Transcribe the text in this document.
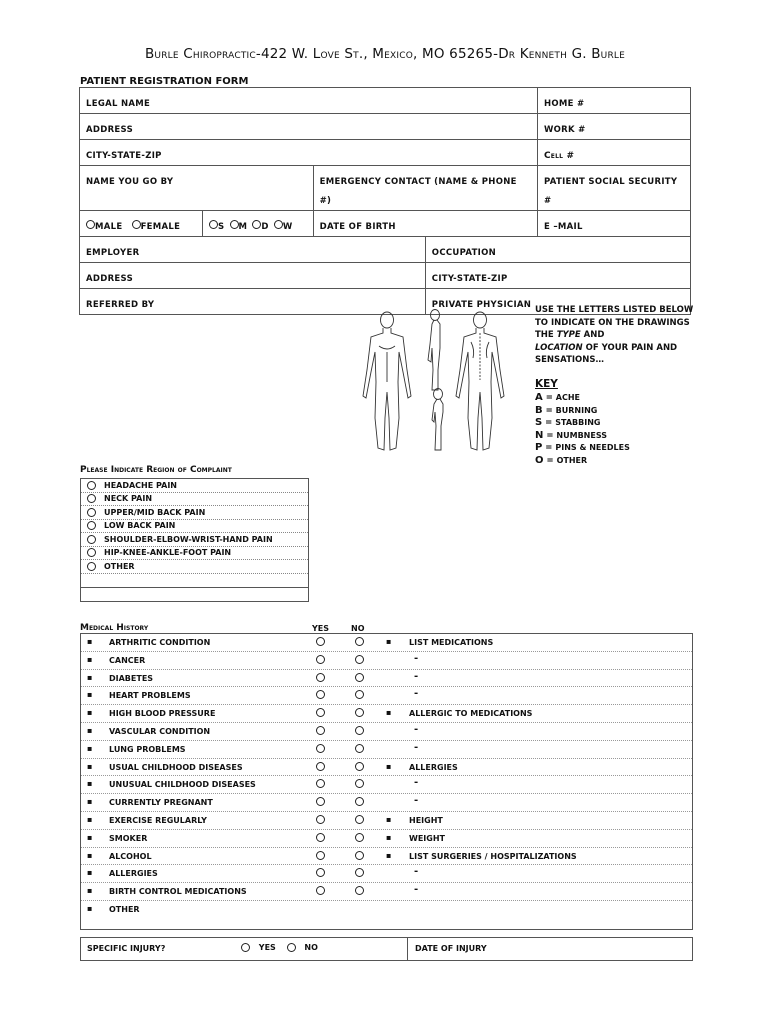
Burle Chiropractic-422 W. Love St., Mexico, MO 65265-Dr Kenneth G. Burle
PATIENT REGISTRATION FORM
LEGAL NAME				HOME #
ADDRESS				WORK #
CITY-STATE-ZIP				Cell #
NAME YOU GO BY		EMERGENCY CONTACT (NAME & PHONE #)		PATIENT SOCIAL SECURITY #
MALE FEMALE	S M D W	DATE OF BIRTH		E –MAIL
EMPLOYER			OCCUPATION	
ADDRESS			CITY-STATE-ZIP	
REFERRED BY			PRIVATE PHYSICIAN	USE THE LETTERS LISTED BELOW TO INDICATE ON THE DRAWINGS THE TYPE AND
LOCATION OF YOUR PAIN AND SENSATIONS…
KEY
A = ACHE
B = BURNING
S = STABBING
N = NUMBNESS
P = PINS & NEEDLES
O = OTHER
Please Indicate Region of Complaint
HEADACHE PAIN
NECK PAIN
UPPER/MID BACK PAIN
LOW BACK PAIN
SHOULDER-ELBOW-WRIST-HAND PAIN
HIP-KNEE-ANKLE-FOOT PAIN
OTHER
Medical History	YES	NO
▪ ARTHRITIC CONDITION	▪ LIST MEDICATIONS
▪ CANCER	-
▪ DIABETES	-
▪ HEART PROBLEMS	-
▪ HIGH BLOOD PRESSURE	▪ ALLERGIC TO MEDICATIONS
▪ VASCULAR CONDITION	-
▪ LUNG PROBLEMS	-
▪ USUAL CHILDHOOD DISEASES	▪ ALLERGIES
▪ UNUSUAL CHILDHOOD DISEASES	-
▪ CURRENTLY PREGNANT	-
▪ EXERCISE REGULARLY	▪ HEIGHT
▪ SMOKER	▪ WEIGHT
▪ ALCOHOL	▪ LIST SURGERIES / HOSPITALIZATIONS
▪ ALLERGIES	-
▪ BIRTH CONTROL MEDICATIONS	-
▪ OTHER
SPECIFIC INJURY?	YES	NO	DATE OF INJURY
